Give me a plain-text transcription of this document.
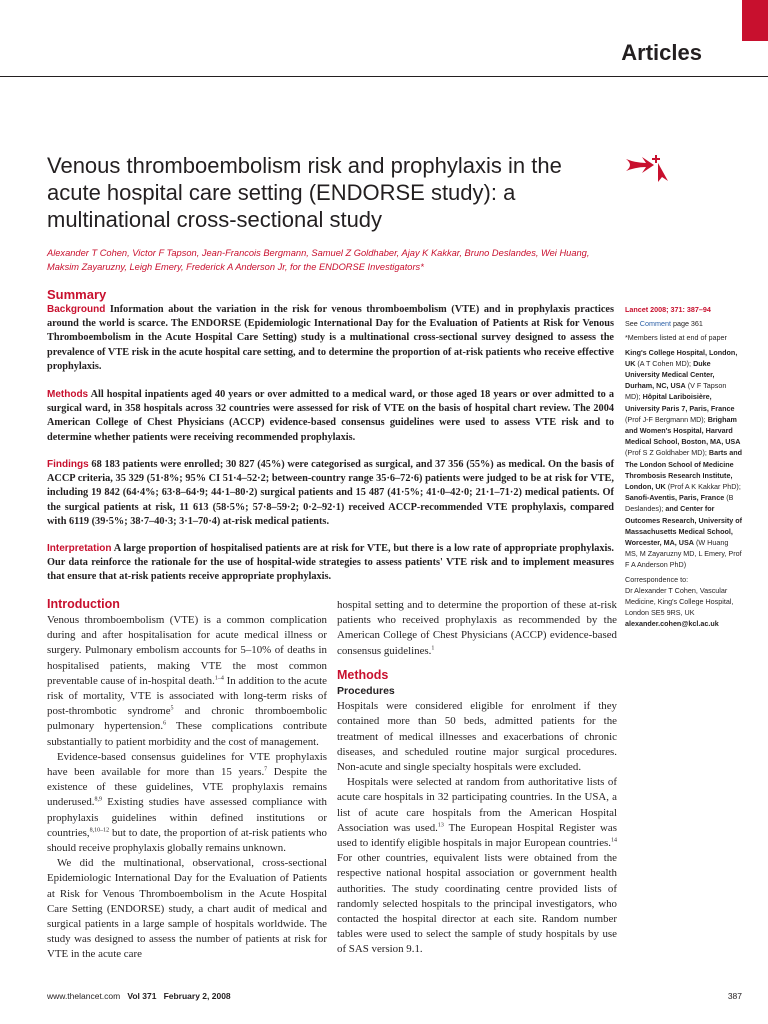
Articles
Venous thromboembolism risk and prophylaxis in the acute hospital care setting (ENDORSE study): a multinational cross-sectional study
Alexander T Cohen, Victor F Tapson, Jean-Francois Bergmann, Samuel Z Goldhaber, Ajay K Kakkar, Bruno Deslandes, Wei Huang, Maksim Zayaruzny, Leigh Emery, Frederick A Anderson Jr, for the ENDORSE Investigators*
Summary
Background Information about the variation in the risk for venous thromboembolism (VTE) and in prophylaxis practices around the world is scarce. The ENDORSE (Epidemiologic International Day for the Evaluation of Patients at Risk for Venous Thromboembolism in the Acute Hospital Care Setting) study is a multinational cross-sectional survey designed to assess the prevalence of VTE risk in the acute hospital care setting, and to determine the proportion of at-risk patients who receive effective prophylaxis.
Methods All hospital inpatients aged 40 years or over admitted to a medical ward, or those aged 18 years or over admitted to a surgical ward, in 358 hospitals across 32 countries were assessed for risk of VTE on the basis of hospital chart review. The 2004 American College of Chest Physicians (ACCP) evidence-based consensus guidelines were used to assess VTE risk and to determine whether patients were receiving recommended prophylaxis.
Findings 68 183 patients were enrolled; 30 827 (45%) were categorised as surgical, and 37 356 (55%) as medical. On the basis of ACCP criteria, 35 329 (51·8%; 95% CI 51·4–52·2; between-country range 35·6–72·6) patients were judged to be at risk for VTE, including 19 842 (64·4%; 63·8–64·9; 44·1–80·2) surgical patients and 15 487 (41·5%; 41·0–42·0; 21·1–71·2) medical patients. Of the surgical patients at risk, 11 613 (58·5%; 57·8–59·2; 0·2–92·1) received ACCP-recommended VTE prophylaxis, compared with 6119 (39·5%; 38·7–40·3; 3·1–70·4) at-risk medical patients.
Interpretation A large proportion of hospitalised patients are at risk for VTE, but there is a low rate of appropriate prophylaxis. Our data reinforce the rationale for the use of hospital-wide strategies to assess patients' VTE risk and to implement measures that ensure that at-risk patients receive appropriate prophylaxis.
Introduction

Venous thromboembolism (VTE) is a common complication during and after hospitalisation for acute medical illness or surgery. Pulmonary embolism accounts for 5–10% of deaths in hospitalised patients, making VTE the most common preventable cause of in-hospital death.$^{1-4}$ In addition to the acute risk of mortality, VTE is associated with long-term risks of post-thrombotic syndrome$^5$ and chronic thromboembolic pulmonary hypertension.$^6$ These complications contribute substantially to patient morbidity and the cost of management.

Evidence-based consensus guidelines for VTE prophylaxis have been available for more than 15 years.$^7$ Despite the existence of these guidelines, VTE prophylaxis remains underused.$^{8,9}$ Existing studies have assessed compliance with prophylaxis guidelines within defined institutions or countries,$^{8,10-12}$ but to date, the proportion of at-risk patients who should receive prophylaxis globally remains unknown.

We did the multinational, observational, cross-sectional Epidemiologic International Day for the Evaluation of Patients at Risk for Venous Thromboembolism in the Acute Hospital Care Setting (ENDORSE) study, a chart audit of medical and surgical patients in a large sample of hospitals worldwide. The study was designed to assess the number of patients at risk for VTE in the acute care

hospital setting and to determine the proportion of these at-risk patients who received prophylaxis as recommended by the American College of Chest Physicians (ACCP) evidence-based consensus guidelines.$^1$

Methods

Procedures

Hospitals were considered eligible for enrolment if they contained more than 50 beds, admitted patients for the treatment of medical illnesses and exacerbations of chronic diseases, and scheduled routine major surgical procedures. Non-acute and single specialty hospitals were excluded.

Hospitals were selected at random from authoritative lists of acute care hospitals in 32 participating countries. In the USA, a list of acute care hospitals from the American Hospital Association was used.$^{13}$ The European Hospital Register was used to identify eligible hospitals in major European countries.$^{14}$ For other countries, equivalent lists were obtained from the respective national hospital association or government health authorities. The study coordinating centre provided lists of randomly selected hospitals to the principal investigators, who contacted the hospital director at each site. Random number tables were used to select the sample of study hospitals by use of SAS version 9.1.

Lancet 2008; 371: 387–94

See Comment page 361

*Members listed at end of paper

King's College Hospital, London, UK (A T Cohen MD); Duke University Medical Center, Durham, NC, USA (V F Tapson MD); Hôpital Lariboisière, University Paris 7, Paris, France (Prof J-F Bergmann MD); Brigham and Women's Hospital, Harvard Medical School, Boston, MA, USA (Prof S Z Goldhaber MD); Barts and The London School of Medicine Thrombosis Research Institute, London, UK (Prof A K Kakkar PhD); Sanofi-Aventis, Paris, France (B Deslandes); and Center for Outcomes Research, University of Massachusetts Medical School, Worcester, MA, USA (W Huang MS, M Zayaruzny MD, L Emery, Prof F A Anderson PhD)

Correspondence to:
Dr Alexander T Cohen, Vascular Medicine, King's College Hospital, London SE5 9RS, UK
alexander.cohen@kcl.ac.uk

www.thelancet.com Vol 371 February 2, 2008	387
